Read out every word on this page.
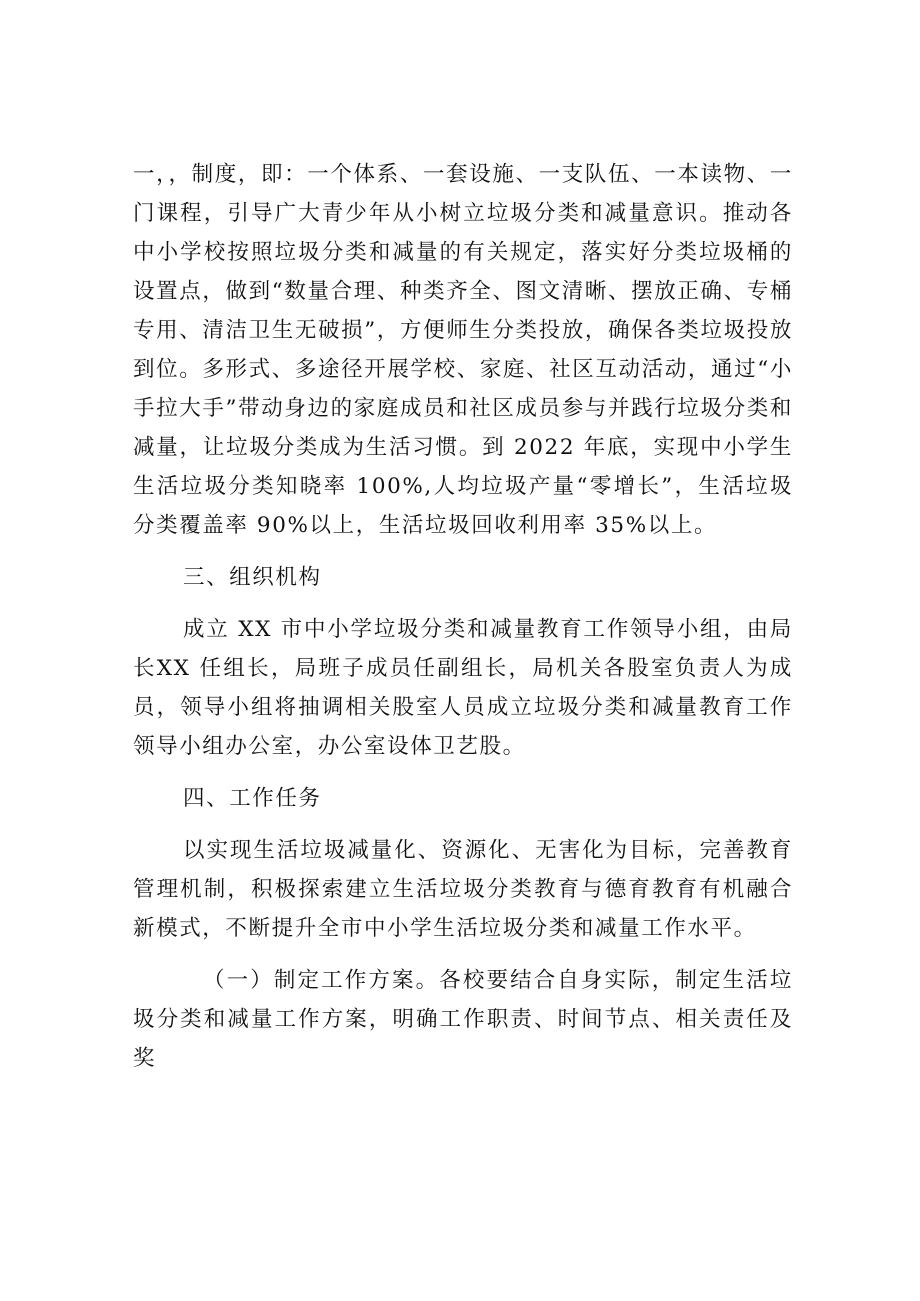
一，，制度，即：一个体系、一套设施、一支队伍、一本读物、一门课程，引导广大青少年从小树立垃圾分类和减量意识。推动各中小学校按照垃圾分类和减量的有关规定，落实好分类垃圾桶的设置点，做到“数量合理、种类齐全、图文清晰、摆放正确、专桶专用、清洁卫生无破损”，方便师生分类投放，确保各类垃圾投放到位。多形式、多途径开展学校、家庭、社区互动活动，通过“小手拉大手”带动身边的家庭成员和社区成员参与并践行垃圾分类和减量，让垃圾分类成为生活习惯。到 2022 年底，实现中小学生生活垃圾分类知晓率 100%,人均垃圾产量“零增长”，生活垃圾分类覆盖率 90%以上，生活垃圾回收利用率 35%以上。

三、组织机构

成立 XX 市中小学垃圾分类和减量教育工作领导小组，由局长XX 任组长，局班子成员任副组长，局机关各股室负责人为成员，领导小组将抽调相关股室人员成立垃圾分类和减量教育工作领导小组办公室，办公室设体卫艺股。

四、工作任务

以实现生活垃圾减量化、资源化、无害化为目标，完善教育管理机制，积极探索建立生活垃圾分类教育与德育教育有机融合新模式，不断提升全市中小学生活垃圾分类和减量工作水平。

（一）制定工作方案。各校要结合自身实际，制定生活垃圾分类和减量工作方案，明确工作职责、时间节点、相关责任及奖
